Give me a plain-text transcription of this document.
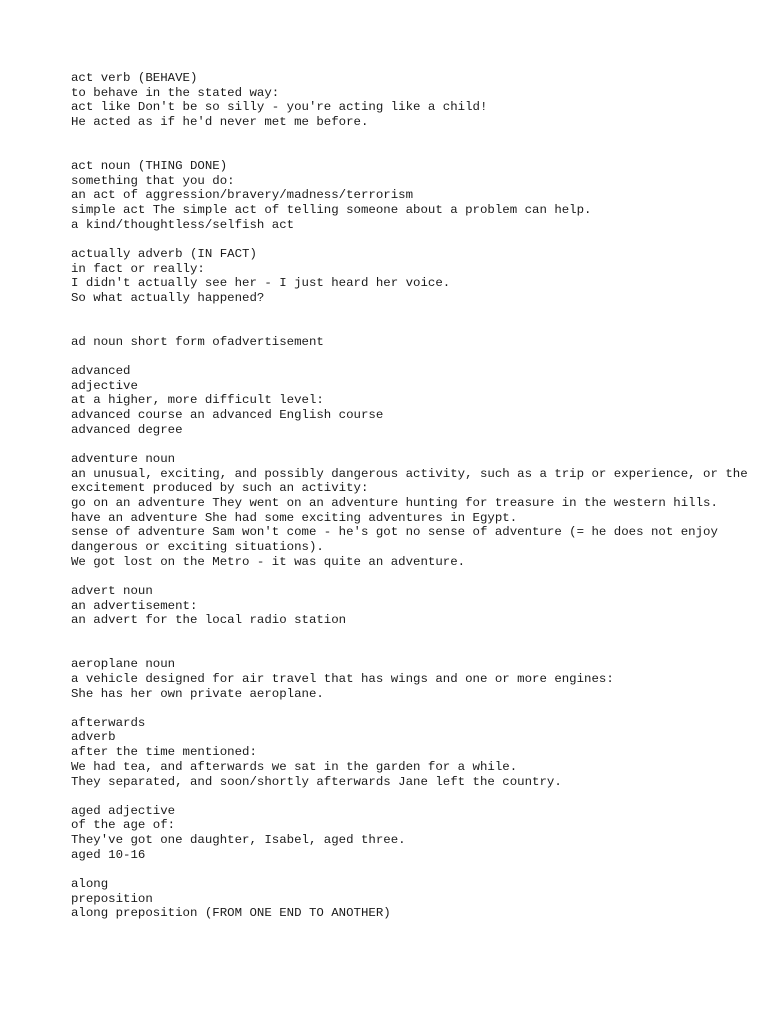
act verb (BEHAVE)
to behave in the stated way:
act like Don't be so silly - you're acting like a child!
He acted as if he'd never met me before.
act noun (THING DONE)
something that you do:
an act of aggression/bravery/madness/terrorism
simple act The simple act of telling someone about a problem can help.
a kind/thoughtless/selfish act
actually adverb (IN FACT)
in fact or really:
I didn't actually see her - I just heard her voice.
So what actually happened?
ad noun short form ofadvertisement
advanced
adjective
at a higher, more difficult level:
advanced course an advanced English course
advanced degree
adventure noun
an unusual, exciting, and possibly dangerous activity, such as a trip or experience, or the excitement produced by such an activity:
go on an adventure They went on an adventure hunting for treasure in the western hills.
have an adventure She had some exciting adventures in Egypt.
sense of adventure Sam won't come - he's got no sense of adventure (= he does not enjoy dangerous or exciting situations).
We got lost on the Metro - it was quite an adventure.
advert noun
an advertisement:
an advert for the local radio station
aeroplane noun
a vehicle designed for air travel that has wings and one or more engines:
She has her own private aeroplane.
afterwards
adverb
after the time mentioned:
We had tea, and afterwards we sat in the garden for a while.
They separated, and soon/shortly afterwards Jane left the country.
aged adjective
of the age of:
They've got one daughter, Isabel, aged three.
aged 10-16
along
preposition
along preposition (FROM ONE END TO ANOTHER)
